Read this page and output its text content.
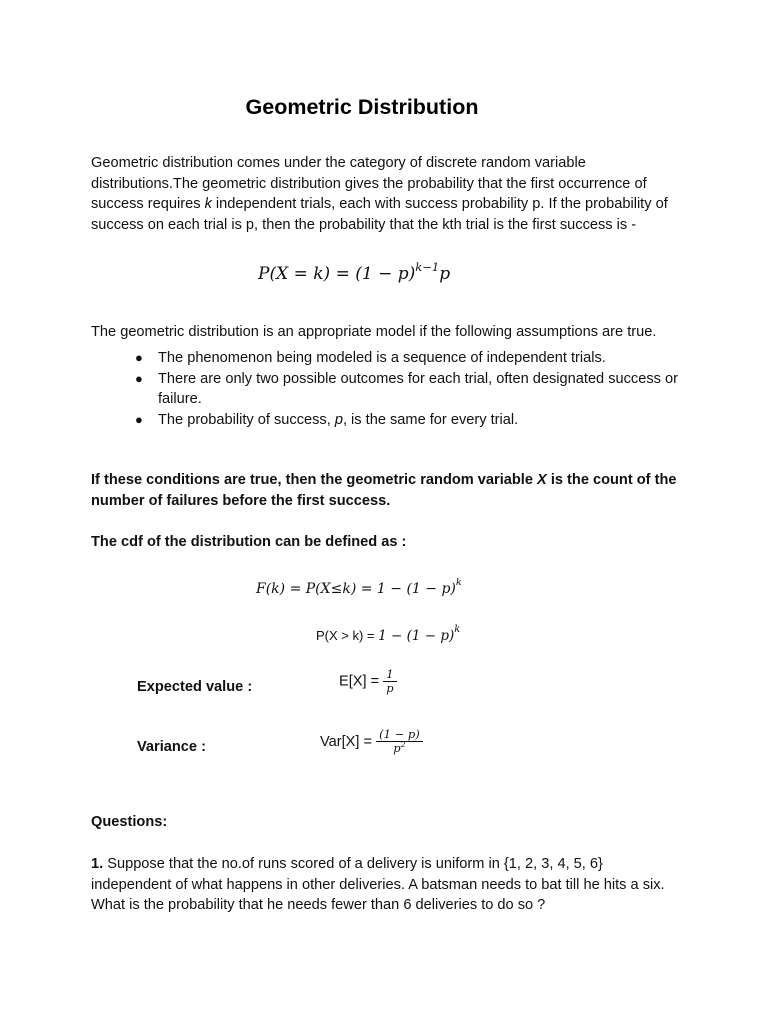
Geometric Distribution
Geometric distribution comes under the category of discrete random variable distributions.The geometric distribution gives the probability that the first occurrence of success requires k independent trials, each with success probability p. If the probability of success on each trial is p, then the probability that the kth trial is the first success is -
$P(X = k) = (1 - p)^{k-1}p$
The geometric distribution is an appropriate model if the following assumptions are true.
● The phenomenon being modeled is a sequence of independent trials.
● There are only two possible outcomes for each trial, often designated success or failure.
● The probability of success, p, is the same for every trial.
If these conditions are true, then the geometric random variable X is the count of the number of failures before the first success.
The cdf of the distribution can be defined as :
$F(k) = P(X\le k) = 1 - (1 - p)^k$
$P(X > k) = 1 - (1 - p)^k$
Expected value :	$E[X] = \frac{1}{p}$
Variance :	$Var[X] = \frac{(1 - p)}{p^2}$
Questions:
1. Suppose that the no.of runs scored of a delivery is uniform in {1, 2, 3, 4, 5, 6} independent of what happens in other deliveries. A batsman needs to bat till he hits a six. What is the probability that he needs fewer than 6 deliveries to do so ?
